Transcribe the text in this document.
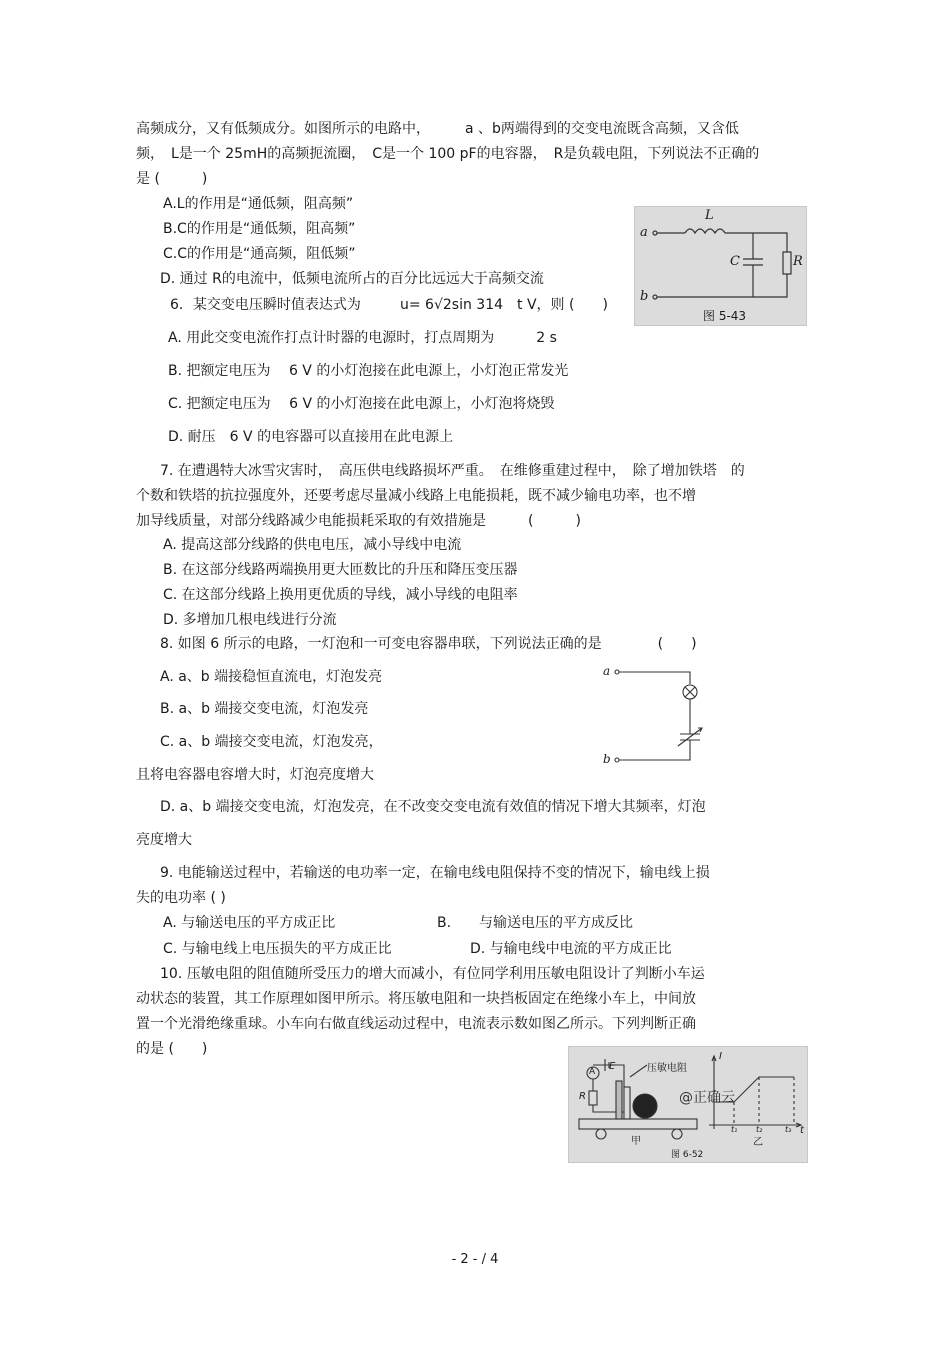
高频成分，又有低频成分。如图所示的电路中，　　　a 、b两端得到的交变电流既含高频，又含低
频，　L是一个 25mH的高频扼流圈，　C是一个 100 pF的电容器，　R是负载电阻，下列说法不正确的
是 (　　　)
A.L的作用是“通低频，阻高频”
B.C的作用是“通低频，阻高频”
C.C的作用是“通高频，阻低频”
D. 通过 R的电流中，低频电流所占的百分比远远大于高频交流
L
a
b
C	R
图 5-43
6．某交变电压瞬时值表达式为	u= 6√2sin 314　t V，则 (　　)
A. 用此交变电流作打点计时器的电源时，打点周期为　　　2 s
B. 把额定电压为　 6 V 的小灯泡接在此电源上，小灯泡正常发光
C. 把额定电压为　 6 V 的小灯泡接在此电源上，小灯泡将烧毁
D. 耐压　6 V 的电容器可以直接用在此电源上
7. 在遭遇特大冰雪灾害时，　高压供电线路损坏严重。　在维修重建过程中，　除了增加铁塔　的
个数和铁塔的抗拉强度外，还要考虑尽量减小线路上电能损耗，既不减少输电功率，也不增
加导线质量，对部分线路减少电能损耗采取的有效措施是　　　(　　　)
A. 提高这部分线路的供电电压，减小导线中电流
B. 在这部分线路两端换用更大匝数比的升压和降压变压器
C. 在这部分线路上换用更优质的导线，减小导线的电阻率
D. 多增加几根电线进行分流
8. 如图 6 所示的电路，一灯泡和一可变电容器串联，下列说法正确的是　　　　(　　)
A. a、b 端接稳恒直流电，灯泡发亮
B. a、b 端接交变电流，灯泡发亮
C. a、b 端接交变电流，灯泡发亮，
且将电容器电容增大时，灯泡亮度增大
D. a、b 端接交变电流，灯泡发亮，在不改变交变电流有效值的情况下增大其频率，灯泡
亮度增大
a
b
9. 电能输送过程中，若输送的电功率一定，在输电线电阻保持不变的情况下，输电线上损
失的电功率 ( )
A. 与输送电压的平方成正比	B.　　与输送电压的平方成反比
C. 与输电线上电压损失的平方成正比	D. 与输电线中电流的平方成正比
10. 压敏电阻的阻值随所受压力的增大而减小，有位同学利用压敏电阻设计了判断小车运
动状态的装置，其工作原理如图甲所示。将压敏电阻和一块挡板固定在绝缘小车上，中间放
置一个光滑绝缘重球。小车向右做直线运动过程中，电流表示数如图乙所示。下列判断正确
的是 (　　)
A E	压敏电阻
R
甲	乙
I
t
t₁ t₂	t₃
@正确云
图 6-52
- 2 - / 4
